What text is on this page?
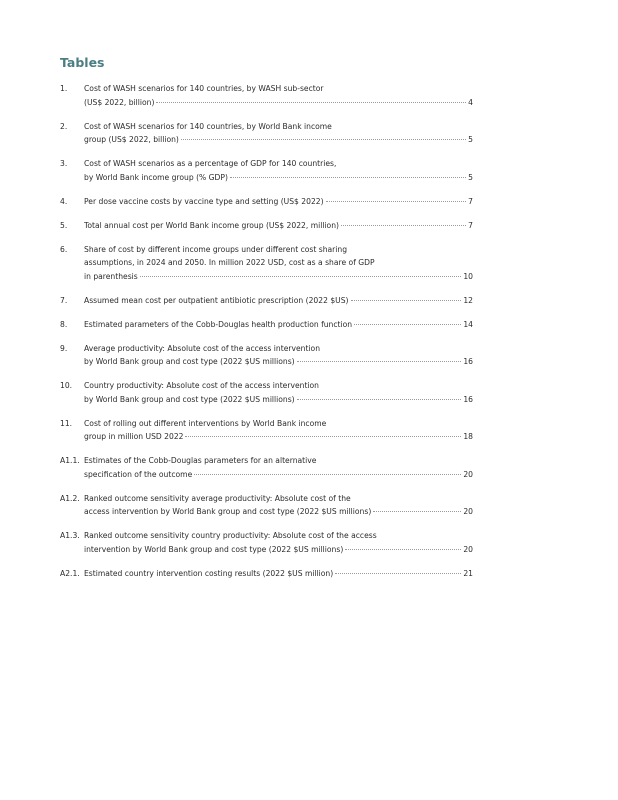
Tables
1.	Cost of WASH scenarios for 140 countries, by WASH sub-sector
(US$ 2022, billion)	4
2.	Cost of WASH scenarios for 140 countries, by World Bank income
group (US$ 2022, billion)	5
3.	Cost of WASH scenarios as a percentage of GDP for 140 countries,
by World Bank income group (% GDP)	5
4.	Per dose vaccine costs by vaccine type and setting (US$ 2022)	7
5.	Total annual cost per World Bank income group (US$ 2022, million)	7
6.	Share of cost by different income groups under different cost sharing
assumptions, in 2024 and 2050. In million 2022 USD, cost as a share of GDP
in parenthesis	10
7.	Assumed mean cost per outpatient antibiotic prescription (2022 $US)	12
8.	Estimated parameters of the Cobb-Douglas health production function	14
9.	Average productivity: Absolute cost of the access intervention
by World Bank group and cost type (2022 $US millions)	16
10.	Country productivity: Absolute cost of the access intervention
by World Bank group and cost type (2022 $US millions)	16
11.	Cost of rolling out different interventions by World Bank income
group in million USD 2022	18
A1.1. Estimates of the Cobb-Douglas parameters for an alternative
specification of the outcome	20
A1.2. Ranked outcome sensitivity average productivity: Absolute cost of the
access intervention by World Bank group and cost type (2022 $US millions)	20
A1.3. Ranked outcome sensitivity country productivity: Absolute cost of the access
intervention by World Bank group and cost type (2022 $US millions)	20
A2.1. Estimated country intervention costing results (2022 $US million)	21
